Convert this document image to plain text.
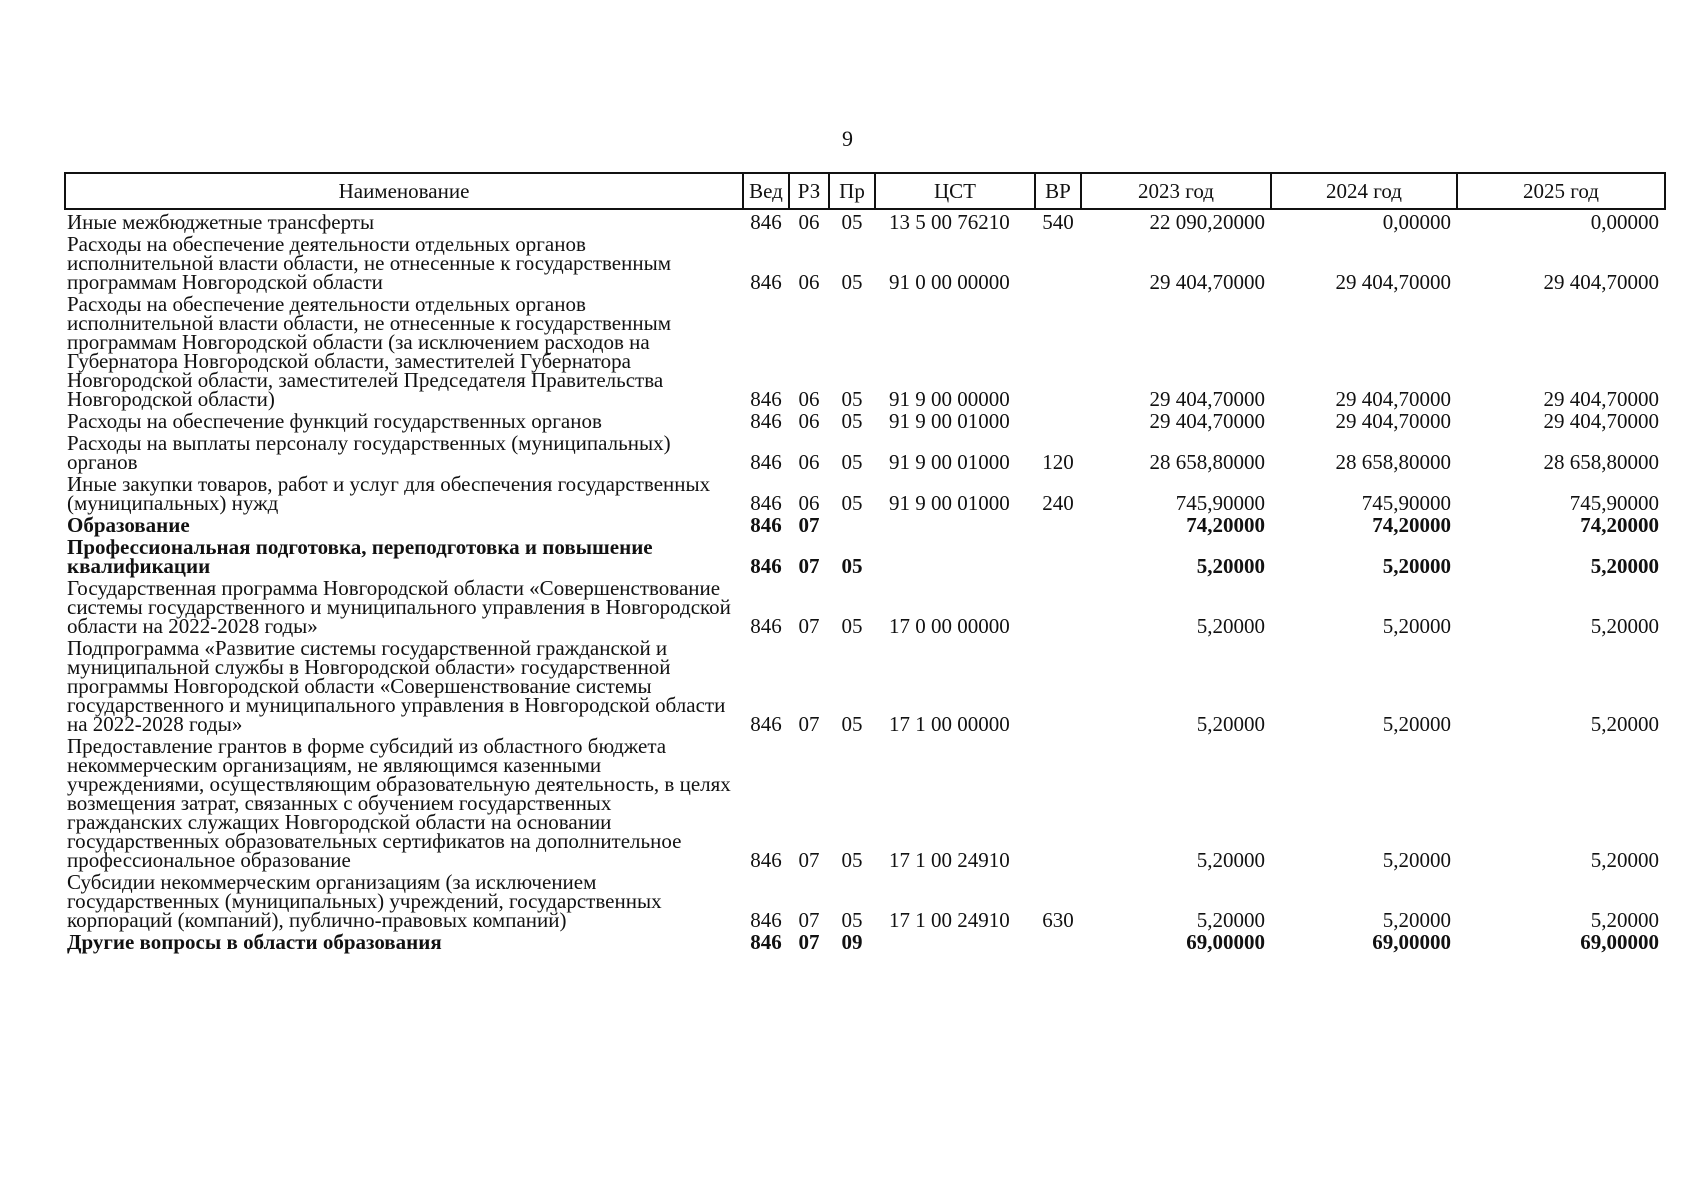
9
Наименование	Вед	РЗ	Пр	ЦСТ	ВР	2023 год	2024 год	2025 год
Иные межбюджетные трансферты	846	06	05	13 5 00 76210	540	22 090,20000	0,00000	0,00000
Расходы на обеспечение деятельности отдельных органов исполнительной власти области, не отнесенные к государственным программам Новгородской области	846	06	05	91 0 00 00000		29 404,70000	29 404,70000	29 404,70000
Расходы на обеспечение деятельности отдельных органов исполнительной власти области, не отнесенные к государственным программам Новгородской области (за исключением расходов на Губернатора Новгородской области, заместителей Губернатора Новгородской области, заместителей Председателя Правительства Новгородской области)	846	06	05	91 9 00 00000		29 404,70000	29 404,70000	29 404,70000
Расходы на обеспечение функций государственных органов	846	06	05	91 9 00 01000		29 404,70000	29 404,70000	29 404,70000
Расходы на выплаты персоналу государственных (муниципальных) органов	846	06	05	91 9 00 01000	120	28 658,80000	28 658,80000	28 658,80000
Иные закупки товаров, работ и услуг для обеспечения государственных (муниципальных) нужд	846	06	05	91 9 00 01000	240	745,90000	745,90000	745,90000
Образование	846	07				74,20000	74,20000	74,20000
Профессиональная подготовка, переподготовка и повышение квалификации	846	07	05			5,20000	5,20000	5,20000
Государственная программа Новгородской области «Совершенствование системы государственного и муниципального управления в Новгородской области на 2022-2028 годы»	846	07	05	17 0 00 00000		5,20000	5,20000	5,20000
Подпрограмма «Развитие системы государственной гражданской и муниципальной службы в Новгородской области» государственной программы Новгородской области «Совершенствование системы государственного и муниципального управления в Новгородской области на 2022-2028 годы»	846	07	05	17 1 00 00000		5,20000	5,20000	5,20000
Предоставление грантов в форме субсидий из областного бюджета некоммерческим организациям, не являющимся казенными учреждениями, осуществляющим образовательную деятельность, в целях возмещения затрат, связанных с обучением государственных гражданских служащих Новгородской области на основании государственных образовательных сертификатов на дополнительное профессиональное образование	846	07	05	17 1 00 24910		5,20000	5,20000	5,20000
Субсидии некоммерческим организациям (за исключением государственных (муниципальных) учреждений, государственных корпораций (компаний), публично-правовых компаний)	846	07	05	17 1 00 24910	630	5,20000	5,20000	5,20000
Другие вопросы в области образования	846	07	09			69,00000	69,00000	69,00000
